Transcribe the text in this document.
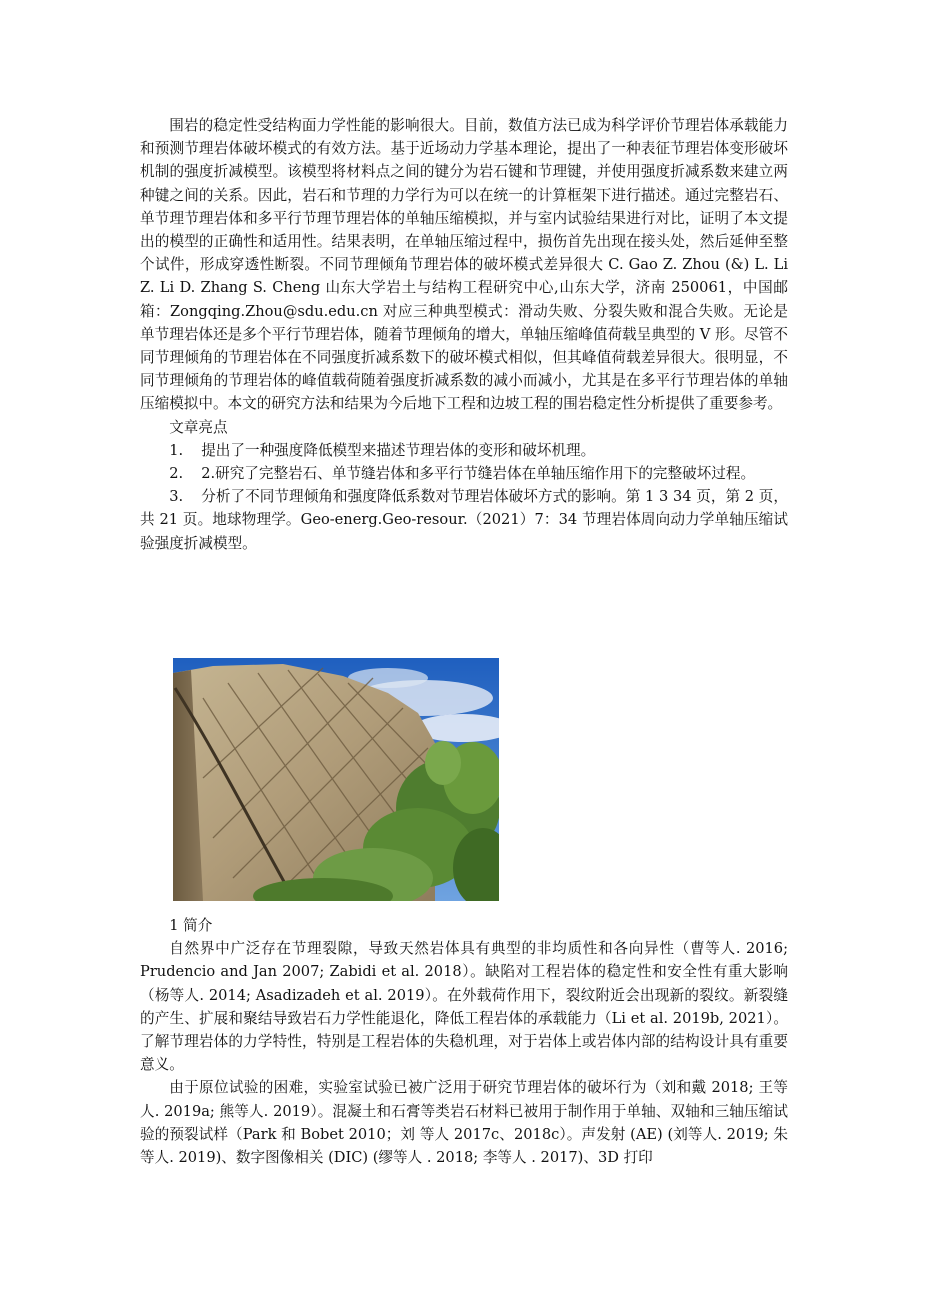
围岩的稳定性受结构面力学性能的影响很大。目前，数值方法已成为科学评价节理岩体承载能力和预测节理岩体破坏模式的有效方法。基于近场动力学基本理论，提出了一种表征节理岩体变形破坏机制的强度折减模型。该模型将材料点之间的键分为岩石键和节理键，并使用强度折减系数来建立两种键之间的关系。因此，岩石和节理的力学行为可以在统一的计算框架下进行描述。通过完整岩石、单节理节理岩体和多平行节理节理岩体的单轴压缩模拟，并与室内试验结果进行对比，证明了本文提出的模型的正确性和适用性。结果表明，在单轴压缩过程中，损伤首先出现在接头处，然后延伸至整个试件，形成穿透性断裂。不同节理倾角节理岩体的破坏模式差异很大 C. Gao Z. Zhou (&) L. Li Z. Li D. Zhang S. Cheng 山东大学岩土与结构工程研究中心,山东大学，济南 250061，中国邮箱：Zongqing.Zhou@sdu.edu.cn 对应三种典型模式：滑动失败、分裂失败和混合失败。无论是单节理岩体还是多个平行节理岩体，随着节理倾角的增大，单轴压缩峰值荷载呈典型的 V 形。尽管不同节理倾角的节理岩体在不同强度折减系数下的破坏模式相似，但其峰值荷载差异很大。很明显，不同节理倾角的节理岩体的峰值载荷随着强度折减系数的减小而减小，尤其是在多平行节理岩体的单轴压缩模拟中。本文的研究方法和结果为今后地下工程和边坡工程的围岩稳定性分析提供了重要参考。

文章亮点

1. 提出了一种强度降低模型来描述节理岩体的变形和破坏机理。

2. 2.研究了完整岩石、单节缝岩体和多平行节缝岩体在单轴压缩作用下的完整破坏过程。

3. 分析了不同节理倾角和强度降低系数对节理岩体破坏方式的影响。第 1 3 34 页，第 2 页，共 21 页。地球物理学。Geo-energ.Geo-resour.（2021）7：34 节理岩体周向动力学单轴压缩试验强度折减模型。

1 简介

自然界中广泛存在节理裂隙，导致天然岩体具有典型的非均质性和各向异性（曹等人. 2016; Prudencio and Jan 2007; Zabidi et al. 2018）。缺陷对工程岩体的稳定性和安全性有重大影响（杨等人. 2014; Asadizadeh et al. 2019）。在外载荷作用下，裂纹附近会出现新的裂纹。新裂缝的产生、扩展和聚结导致岩石力学性能退化，降低工程岩体的承载能力（Li et al. 2019b, 2021）。了解节理岩体的力学特性，特别是工程岩体的失稳机理，对于岩体上或岩体内部的结构设计具有重要意义。

由于原位试验的困难，实验室试验已被广泛用于研究节理岩体的破坏行为（刘和戴 2018; 王等人. 2019a; 熊等人. 2019）。混凝土和石膏等类岩石材料已被用于制作用于单轴、双轴和三轴压缩试验的预裂试样（Park 和 Bobet 2010；刘 等人 2017c、2018c）。声发射 (AE) (刘等人. 2019; 朱等人. 2019)、数字图像相关 (DIC) (缪等人 . 2018; 李等人 . 2017)、3D 打印
